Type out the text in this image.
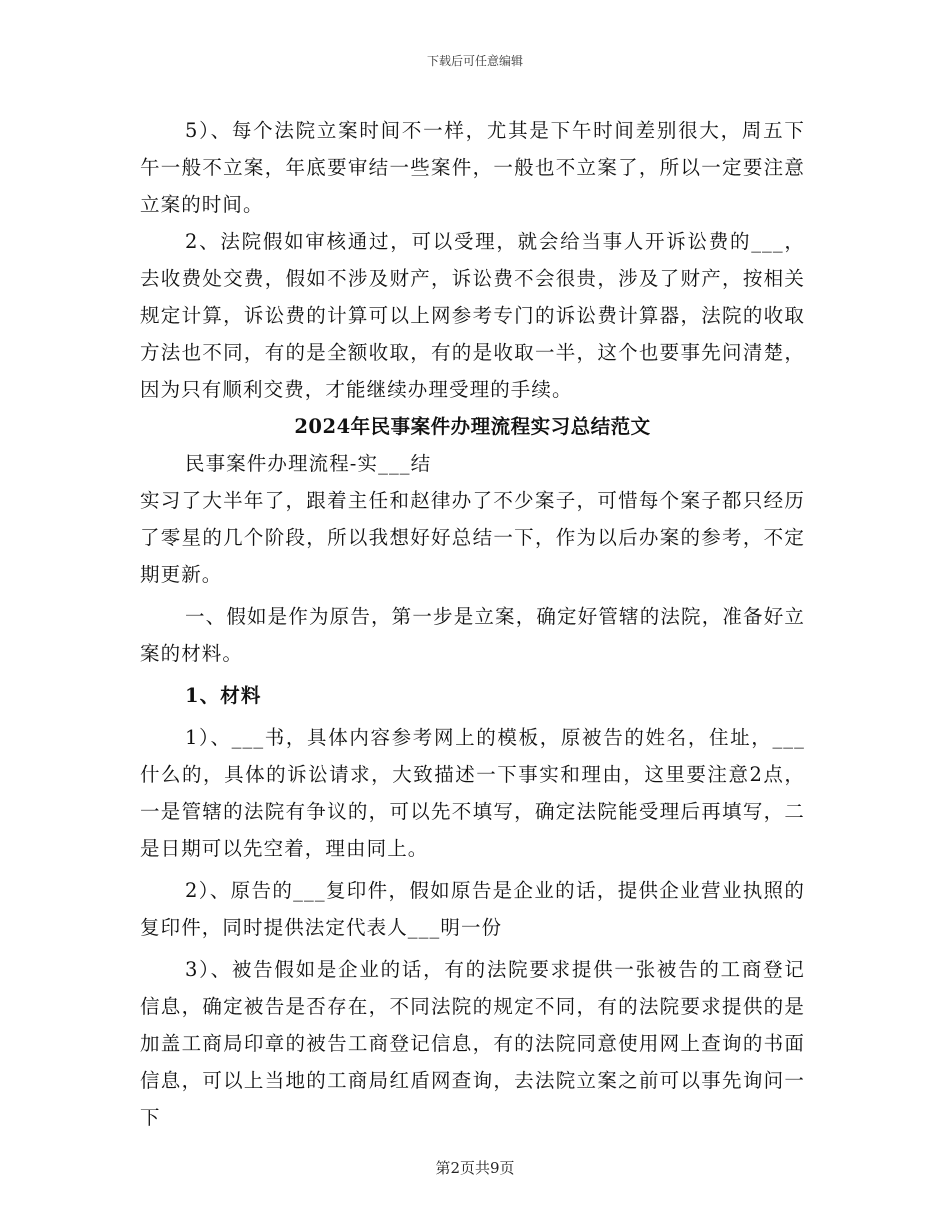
下载后可任意编辑

5）、每个法院立案时间不一样，尤其是下午时间差别很大，周五下午一般不立案，年底要审结一些案件，一般也不立案了，所以一定要注意立案的时间。

2、法院假如审核通过，可以受理，就会给当事人开诉讼费的___，去收费处交费，假如不涉及财产，诉讼费不会很贵，涉及了财产，按相关规定计算，诉讼费的计算可以上网参考专门的诉讼费计算器，法院的收取方法也不同，有的是全额收取，有的是收取一半，这个也要事先问清楚，因为只有顺利交费，才能继续办理受理的手续。

2024年民事案件办理流程实习总结范文

民事案件办理流程-实___结

实习了大半年了，跟着主任和赵律办了不少案子，可惜每个案子都只经历了零星的几个阶段，所以我想好好总结一下，作为以后办案的参考，不定期更新。

一、假如是作为原告，第一步是立案，确定好管辖的法院，准备好立案的材料。

1、材料

1）、___书，具体内容参考网上的模板，原被告的姓名，住址，___什么的，具体的诉讼请求，大致描述一下事实和理由，这里要注意2点，一是管辖的法院有争议的，可以先不填写，确定法院能受理后再填写，二是日期可以先空着，理由同上。

2）、原告的___复印件，假如原告是企业的话，提供企业营业执照的复印件，同时提供法定代表人___明一份

3）、被告假如是企业的话，有的法院要求提供一张被告的工商登记信息，确定被告是否存在，不同法院的规定不同，有的法院要求提供的是加盖工商局印章的被告工商登记信息，有的法院同意使用网上查询的书面信息，可以上当地的工商局红盾网查询，去法院立案之前可以事先询问一下

第2页共9页
